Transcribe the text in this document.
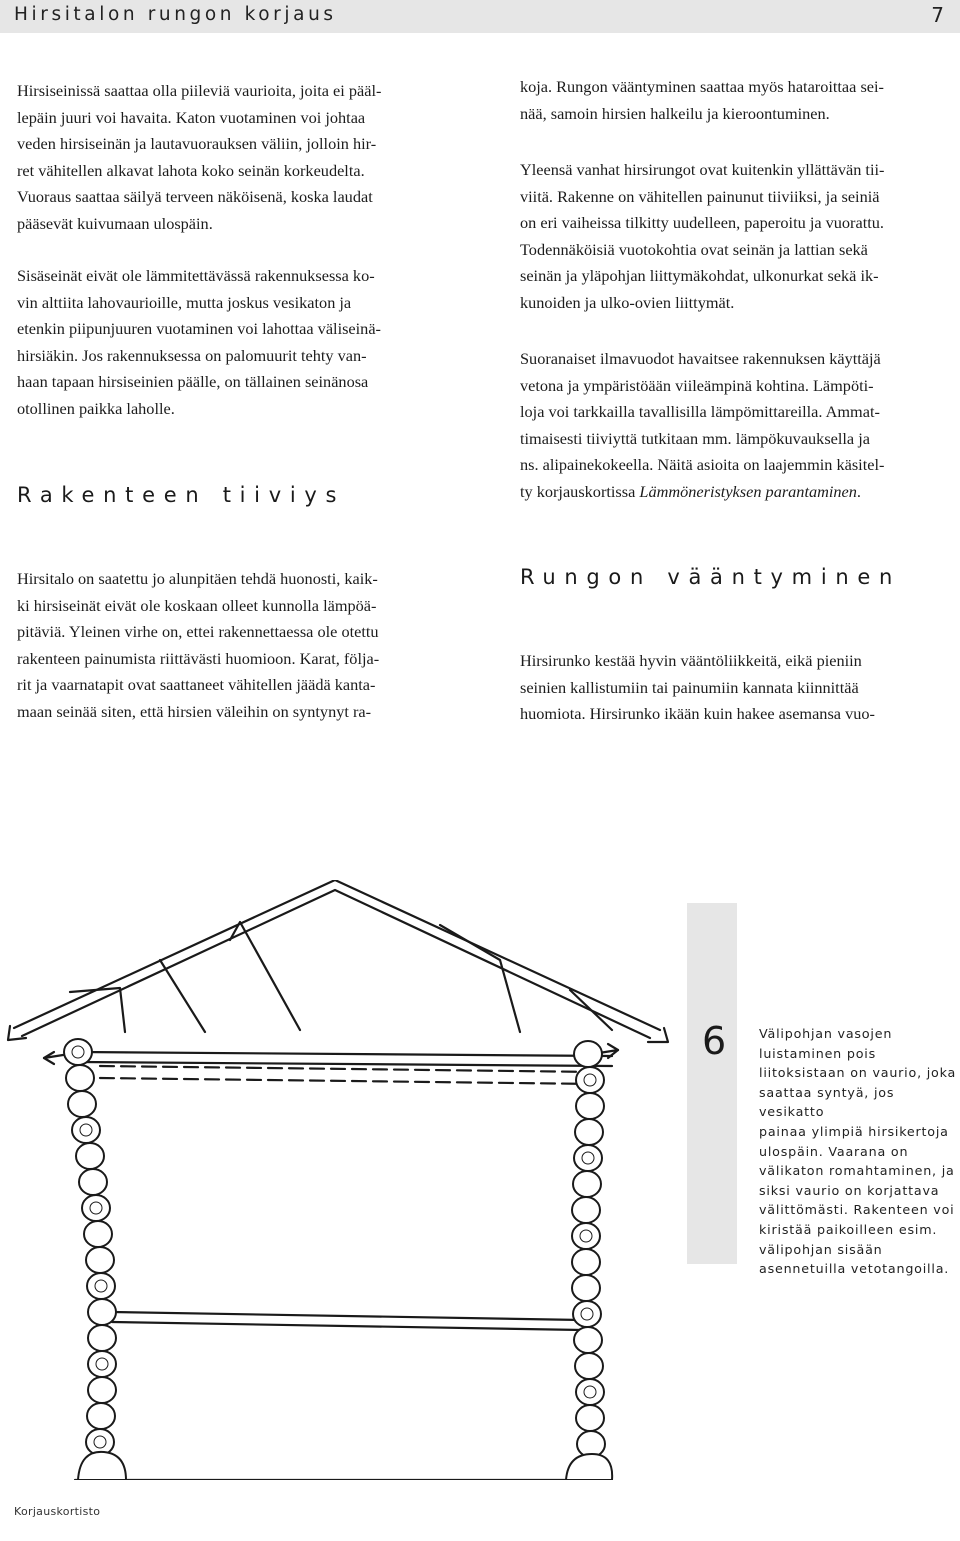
Hirsitalon rungon korjaus	7

Hirsiseinissä saattaa olla piileviä vaurioita, joita ei pääl-
lepäin juuri voi havaita. Katon vuotaminen voi johtaa
veden hirsiseinän ja lautavuorauksen väliin, jolloin hir-
ret vähitellen alkavat lahota koko seinän korkeudelta.
Vuoraus saattaa säilyä terveen näköisenä, koska laudat
pääsevät kuivumaan ulospäin.

Sisäseinät eivät ole lämmitettävässä rakennuksessa ko-
vin alttiita lahovaurioille, mutta joskus vesikaton ja
etenkin piipunjuuren vuotaminen voi lahottaa väliseinä-
hirsiäkin. Jos rakennuksessa on palomuurit tehty van-
haan tapaan hirsiseinien päälle, on tällainen seinänosa
otollinen paikka laholle.

Rakenteen tiiviys

Hirsitalo on saatettu jo alunpitäen tehdä huonosti, kaik-
ki hirsiseinät eivät ole koskaan olleet kunnolla lämpöä-
pitäviä. Yleinen virhe on, ettei rakennettaessa ole otettu
rakenteen painumista riittävästi huomioon. Karat, följa-
rit ja vaarnatapit ovat saattaneet vähitellen jäädä kanta-
maan seinää siten, että hirsien väleihin on syntynyt ra-

koja. Rungon vääntyminen saattaa myös hataroittaa sei-
nää, samoin hirsien halkeilu ja kieroontuminen.

Yleensä vanhat hirsirungot ovat kuitenkin yllättävän tii-
viitä. Rakenne on vähitellen painunut tiiviiksi, ja seiniä
on eri vaiheissa tilkitty uudelleen, paperoitu ja vuorattu.
Todennäköisiä vuotokohtia ovat seinän ja lattian sekä
seinän ja yläpohjan liittymäkohdat, ulkonurkat sekä ik-
kunoiden ja ulko-ovien liittymät.

Suoranaiset ilmavuodot havaitsee rakennuksen käyttäjä
vetona ja ympäristöään viileämpinä kohtina. Lämpöti-
loja voi tarkkailla tavallisilla lämpömittareilla. Ammat-
timaisesti tiiviyttä tutkitaan mm. lämpökuvauksella ja
ns. alipainekokeella. Näitä asioita on laajemmin käsitel-
ty korjauskortissa Lämmöneristyksen parantaminen.

Rungon vääntyminen

Hirsirunko kestää hyvin vääntöliikkeitä, eikä pieniin
seinien kallistumiin tai painumiin kannata kiinnittää
huomiota. Hirsirunko ikään kuin hakee asemansa vuo-

6	Välipohjan vasojen
luistaminen pois
liitoksistaan on vaurio, joka
saattaa syntyä, jos vesikatto
painaa ylimpiä hirsikertoja
ulospäin. Vaarana on
välikaton romahtaminen, ja
siksi vaurio on korjattava
välittömästi. Rakenteen voi
kiristää paikoilleen esim.
välipohjan sisään
asennetuilla vetotangoilla.
Korjauskortisto
